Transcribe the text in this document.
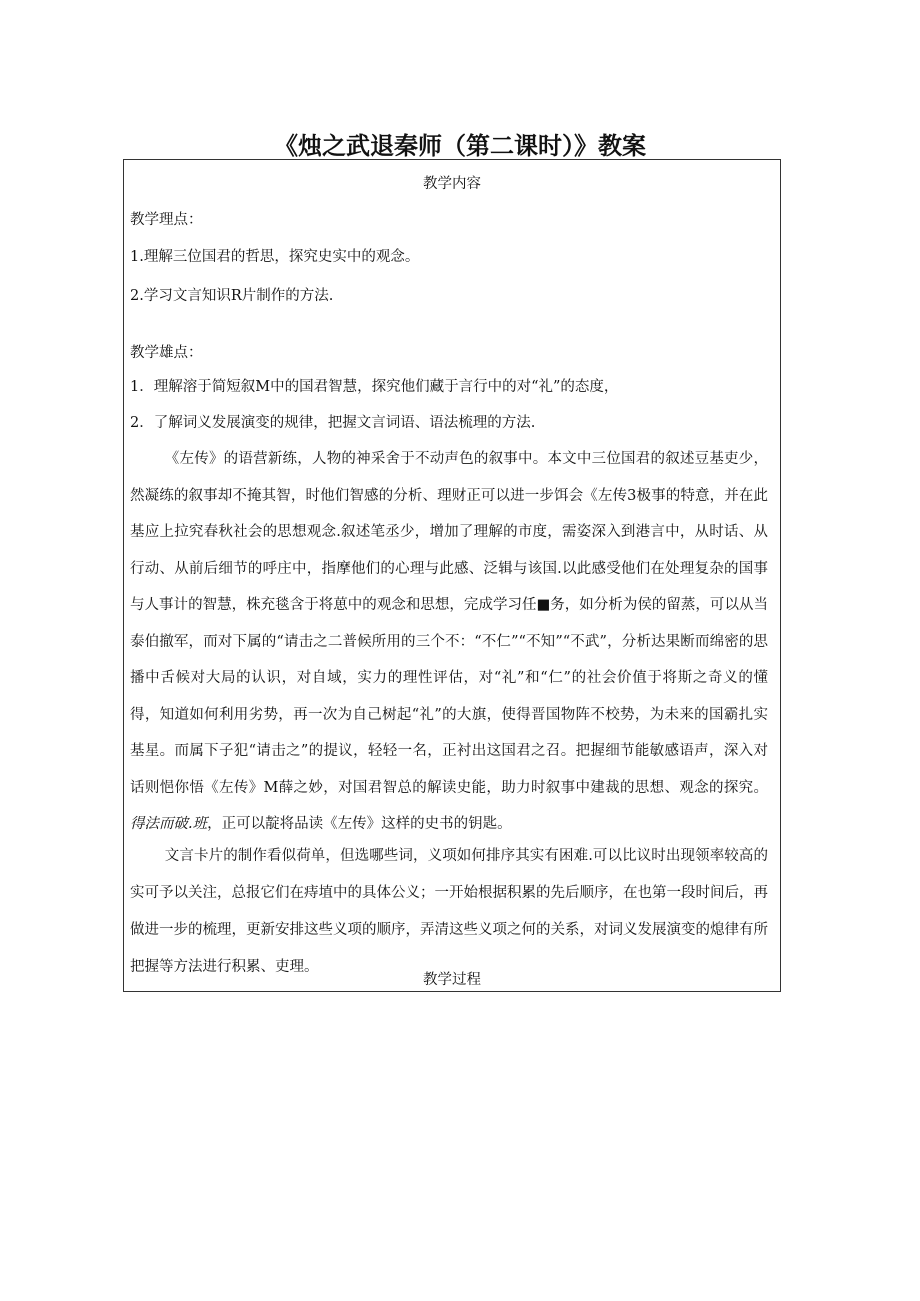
《烛之武退秦师（第二课时）》教案
教学内容
教学理点：
1.理解三位国君的哲思，探究史实中的观念。
2.学习文言知识R片制作的方法.
教学雄点：
1．理解溶于简短叙M中的国君智慧，探究他们藏于言行中的对“礼”的态度，
2．了解词义发展演变的规律，把握文言词语、语法梳理的方法.
《左传》的语营新练，人物的神采舍于不动声色的叙事中。本文中三位国君的叙述豆基吏少，然凝练的叙事却不掩其智，时他们智感的分析、理财正可以进一步饵会《左传3极事的特意，并在此基应上拉究春秋社会的思想观念.叙述笔丞少，增加了理解的市度，需姿深入到港言中，从时话、从行动、从前后细节的呼庄中，指摩他们的心理与此感、泛辑与该国.以此感受他们在处理复杂的国事与人事计的智慧，株充毯含于将葸中的观念和思想，完成学习任■务，如分析为侯的留蒸，可以从当泰伯撤军，而对下属的“请击之二普候所用的三个不：“不仁”“不知”“不武”，分析达果断而绵密的思播中舌候对大局的认识，对自域，实力的理性评估，对“礼”和“仁”的社会价值于将斯之奇义的懂得，知道如何利用劣势，再一次为自己树起“礼”的大旗，使得晋国物阵不校势，为未来的国霸扎实基星。而属下子犯“请击之”的提议，轻轻一名，正衬出这国君之召。把握细节能敏感语声，深入对话则悒你悟《左传》M薛之妙，对国君智总的解读史能，助力时叙事中建裁的思想、观念的探究。得法而破.班，正可以靛将品读《左传》这样的史书的钥匙。
文言卡片的制作看似荷单，但选哪些词，义项如何排序其实有困难.可以比议时出现领率较高的实可予以关注，总报它们在痔埴中的具体公义；一开始根据积累的先后顺序，在也第一段时间后，再做进一步的梳理，更新安排这些义项的顺序，弄清这些义项之何的关系，对词义发展演变的熄律有所把握等方法进行积累、吏理。
教学过程
